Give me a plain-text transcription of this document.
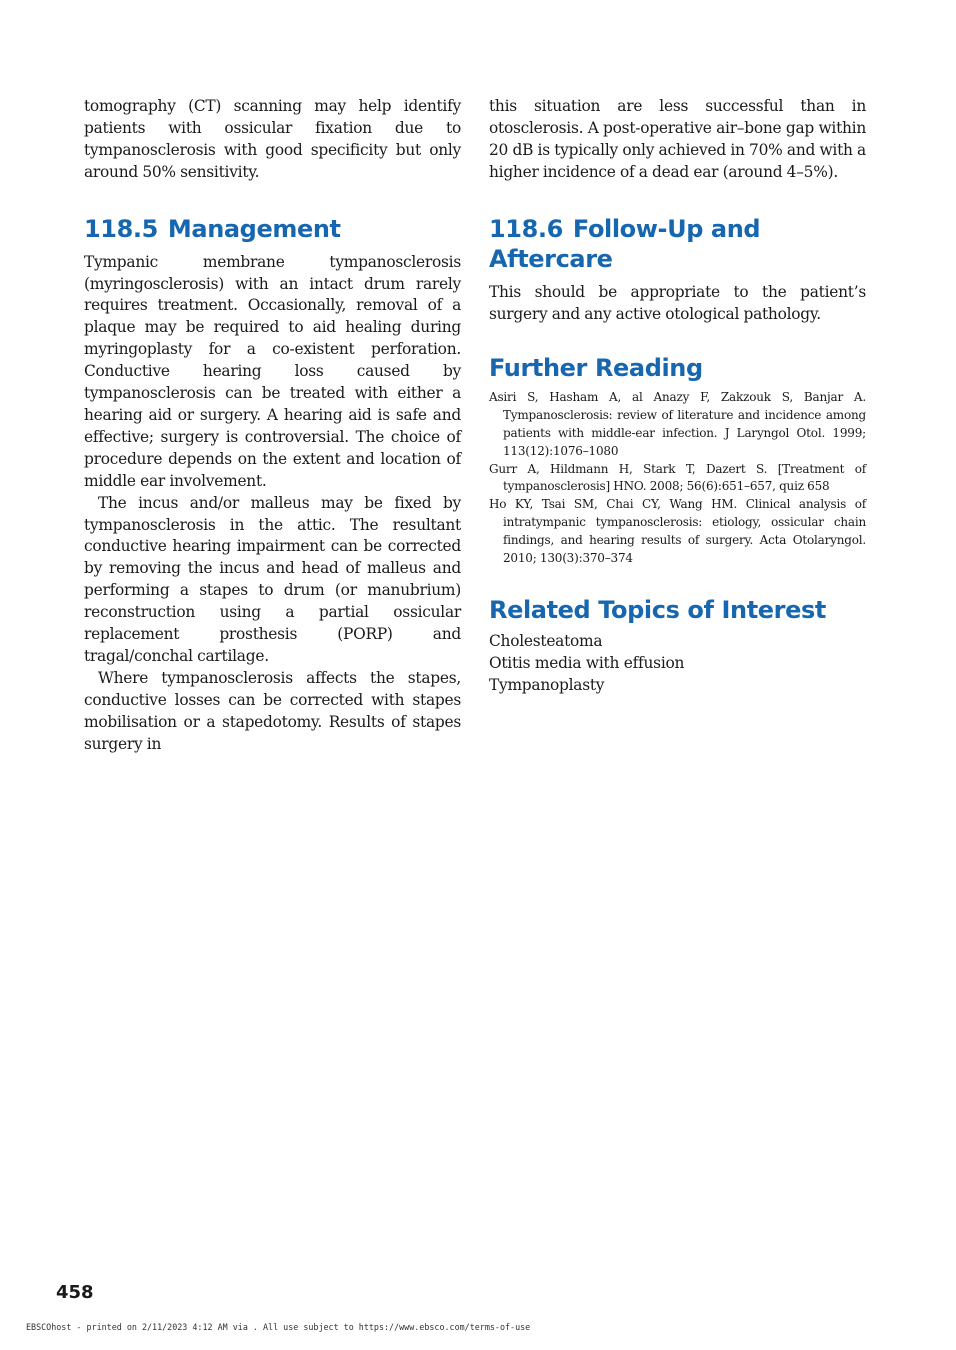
tomography (CT) scanning may help identify patients with ossicular fixation due to tympanosclerosis with good specificity but only around 50% sensitivity.

118.5 Management

Tympanic membrane tympanosclerosis (myringosclerosis) with an intact drum rarely requires treatment. Occasionally, removal of a plaque may be required to aid healing during myringoplasty for a co-existent perforation. Conductive hearing loss caused by tympanosclerosis can be treated with either a hearing aid or surgery. A hearing aid is safe and effective; surgery is controversial. The choice of procedure depends on the extent and location of middle ear involvement.

The incus and/or malleus may be fixed by tympanosclerosis in the attic. The resultant conductive hearing impairment can be corrected by removing the incus and head of malleus and performing a stapes to drum (or manubrium) reconstruction using a partial ossicular replacement prosthesis (PORP) and tragal/conchal cartilage.

Where tympanosclerosis affects the stapes, conductive losses can be corrected with stapes mobilisation or a stapedotomy. Results of stapes surgery in

this situation are less successful than in otosclerosis. A post-operative air–bone gap within 20 dB is typically only achieved in 70% and with a higher incidence of a dead ear (around 4–5%).

118.6 Follow-Up and Aftercare

This should be appropriate to the patient’s surgery and any active otological pathology.

Further Reading
Asiri S, Hasham A, al Anazy F, Zakzouk S, Banjar A. Tympanosclerosis: review of literature and incidence among patients with middle-ear infection. J Laryngol Otol. 1999; 113(12):1076–1080
Gurr A, Hildmann H, Stark T, Dazert S. [Treatment of tympanosclerosis] HNO. 2008; 56(6):651–657, quiz 658
Ho KY, Tsai SM, Chai CY, Wang HM. Clinical analysis of intratympanic tympanosclerosis: etiology, ossicular chain findings, and hearing results of surgery. Acta Otolaryngol. 2010; 130(3):370–374
Related Topics of Interest
Cholesteatoma
Otitis media with effusion
Tympanoplasty
458
EBSCOhost - printed on 2/11/2023 4:12 AM via . All use subject to https://www.ebsco.com/terms-of-use
